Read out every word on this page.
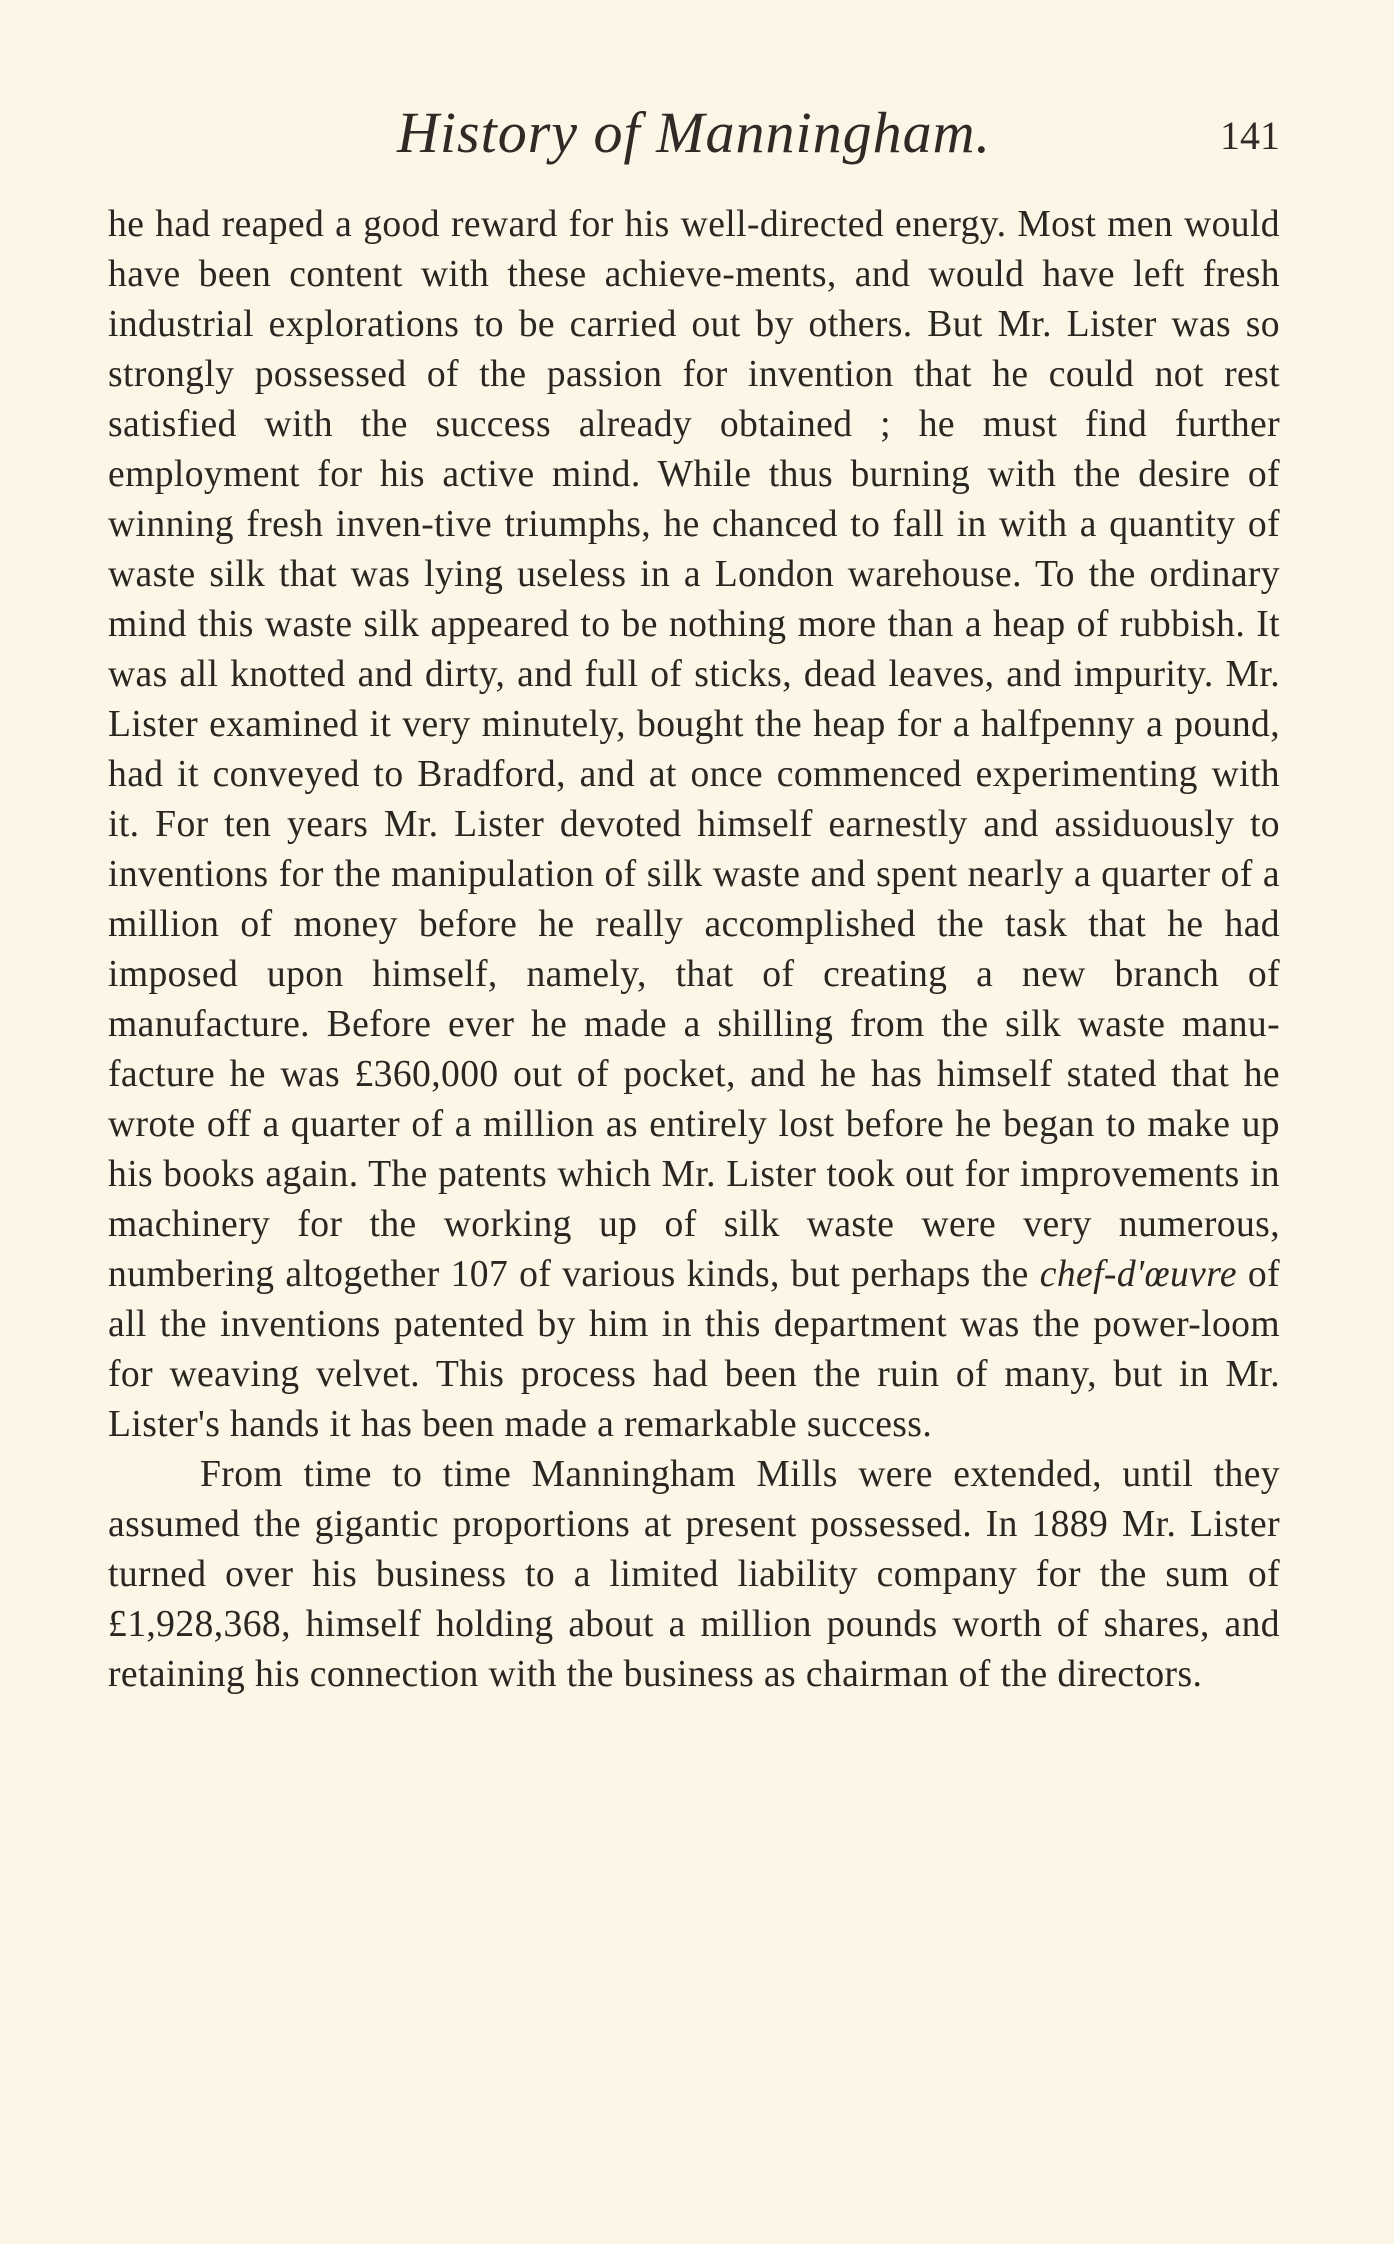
History of Manningham.	141

he had reaped a good reward for his well-directed energy. Most men would have been content with these achieve-ments, and would have left fresh industrial explorations to be carried out by others. But Mr. Lister was so strongly possessed of the passion for invention that he could not rest satisfied with the success already obtained ; he must find further employment for his active mind. While thus burning with the desire of winning fresh inven-tive triumphs, he chanced to fall in with a quantity of waste silk that was lying useless in a London warehouse. To the ordinary mind this waste silk appeared to be nothing more than a heap of rubbish. It was all knotted and dirty, and full of sticks, dead leaves, and impurity. Mr. Lister examined it very minutely, bought the heap for a halfpenny a pound, had it conveyed to Bradford, and at once commenced experimenting with it. For ten years Mr. Lister devoted himself earnestly and assiduously to inventions for the manipulation of silk waste and spent nearly a quarter of a million of money before he really accomplished the task that he had imposed upon himself, namely, that of creating a new branch of manufacture. Before ever he made a shilling from the silk waste manu-facture he was £360,000 out of pocket, and he has himself stated that he wrote off a quarter of a million as entirely lost before he began to make up his books again. The patents which Mr. Lister took out for improvements in machinery for the working up of silk waste were very numerous, numbering altogether 107 of various kinds, but perhaps the chef-d'œuvre of all the inventions patented by him in this department was the power-loom for weaving velvet. This process had been the ruin of many, but in Mr. Lister's hands it has been made a remarkable success.

From time to time Manningham Mills were extended, until they assumed the gigantic proportions at present possessed. In 1889 Mr. Lister turned over his business to a limited liability company for the sum of £1,928,368, himself holding about a million pounds worth of shares, and retaining his connection with the business as chairman of the directors.
